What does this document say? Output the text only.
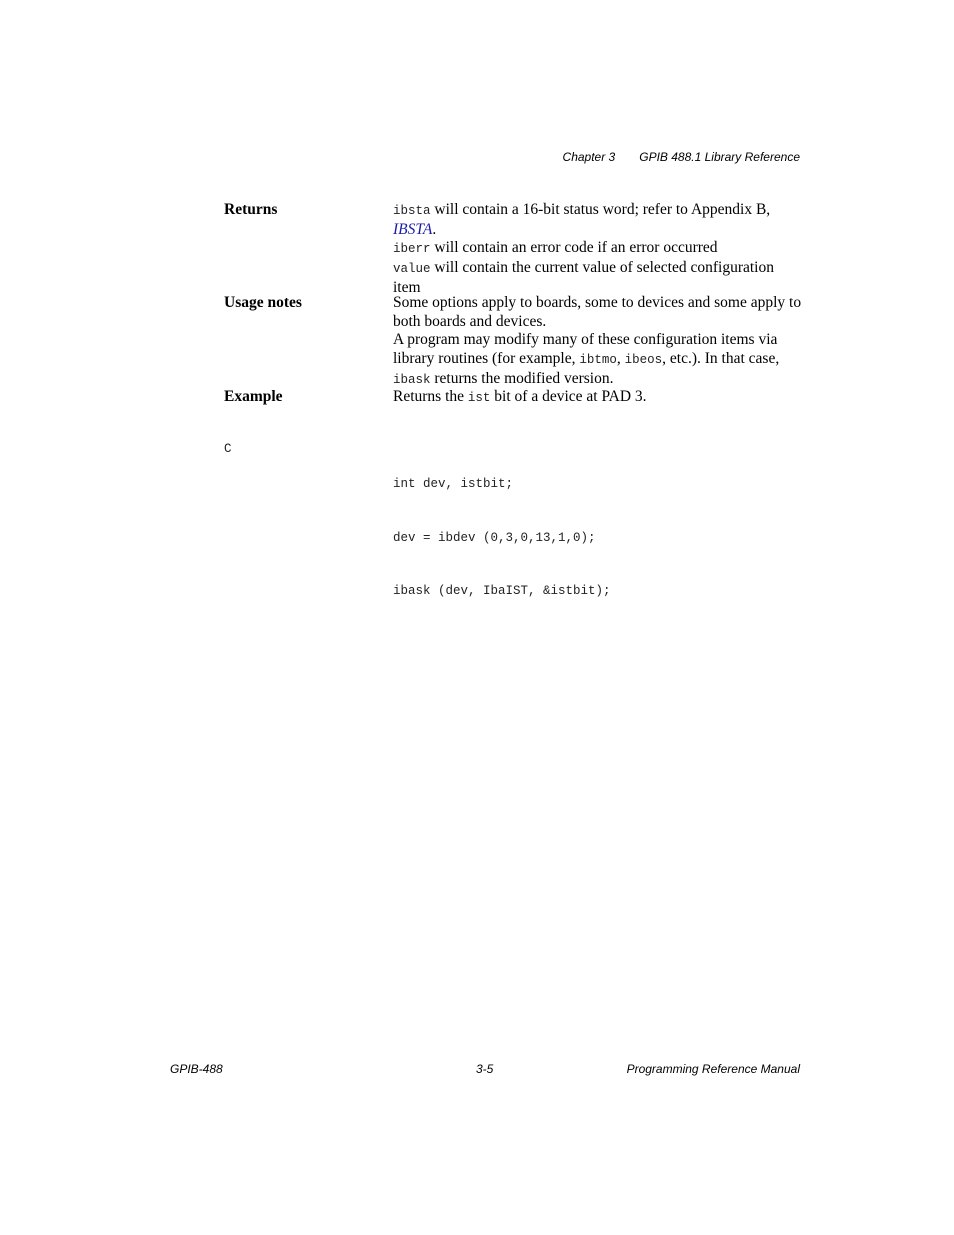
Chapter 3 GPIB 488.1 Library Reference
Returns	ibsta will contain a 16-bit status word; refer to Appendix B, IBSTA.
iberr will contain an error code if an error occurred
value will contain the current value of selected configuration item
Usage notes	Some options apply to boards, some to devices and some apply to both boards and devices.
A program may modify many of these configuration items via library routines (for example, ibtmo, ibeos, etc.). In that case, ibask returns the modified version.
Example	Returns the ist bit of a device at PAD 3.
C

int dev, istbit;

dev = ibdev (0,3,0,13,1,0);

ibask (dev, IbaIST, &istbit);

GPIB-488	3-5	Programming Reference Manual
